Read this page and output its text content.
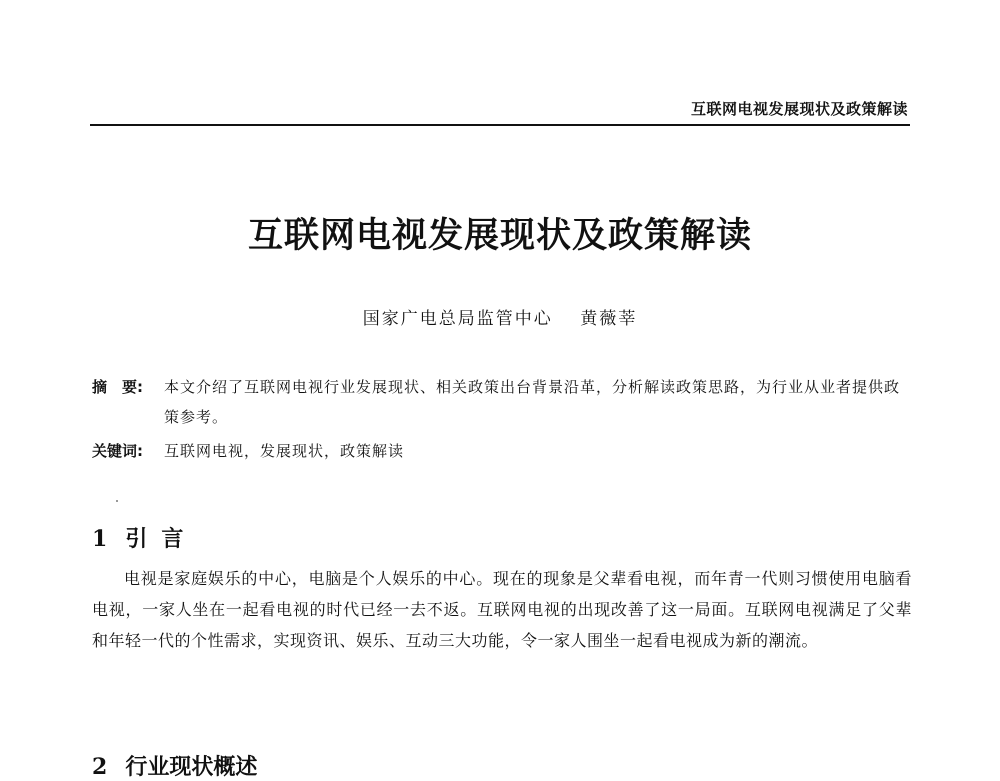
互联网电视发展现状及政策解读
互联网电视发展现状及政策解读
国家广电总局监管中心 黄薇莘
摘　要:	本文介绍了互联网电视行业发展现状、相关政策出台背景沿革，分析解读政策思路，为行业从业者提供政策参考。
关键词:	互联网电视，发展现状，政策解读
1 引言
电视是家庭娱乐的中心，电脑是个人娱乐的中心。现在的现象是父辈看电视，而年青一代则习惯使用电脑看电视，一家人坐在一起看电视的时代已经一去不返。互联网电视的出现改善了这一局面。互联网电视满足了父辈和年轻一代的个性需求，实现资讯、娱乐、互动三大功能，令一家人围坐一起看电视成为新的潮流。
2 行业现状概述
